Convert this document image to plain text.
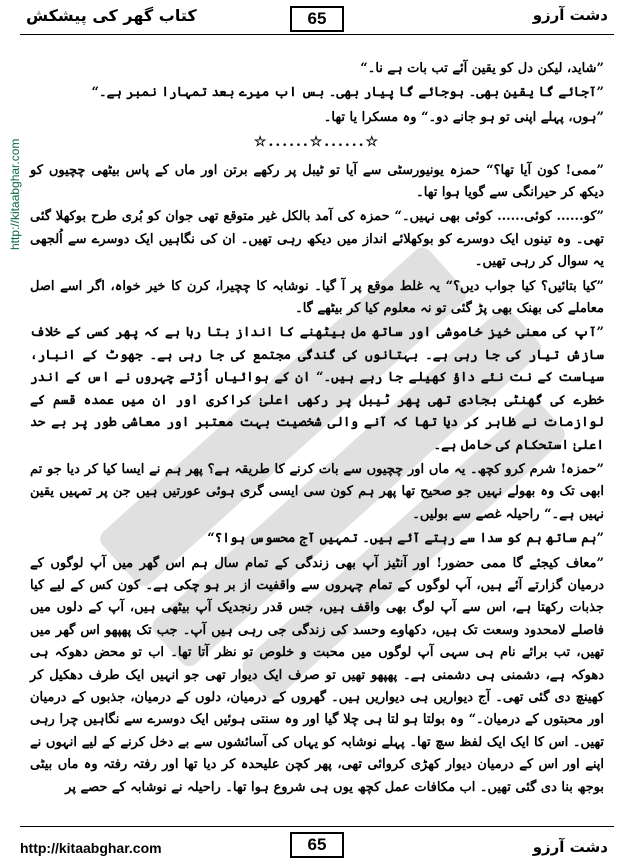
کتاب گھر کی پیشکش	65	دشت آرزو
http://kitaabghar.com

”شاید، لیکن دل کو یقین آئے تب بات ہے نا۔“

”آجائے گا یقین بھی۔ ہوجائے گا پیار بھی۔ بس اب میرے بعد تمہارا نمبر ہے۔“

”ہوں، پہلے اپنی تو ہو جانے دو۔“ وہ مسکرا یا تھا۔

☆......☆......☆

”ممی! کون آیا تھا؟“ حمزہ یونیورسٹی سے آیا تو ٹیبل پر رکھے برتن اور ماں کے پاس بیٹھی چچیوں کو دیکھ کر حیرانگی سے گویا ہوا تھا۔

”کو...... کوئی...... کوئی بھی نہیں۔“ حمزہ کی آمد بالکل غیر متوقع تھی جوان کو بُری طرح بوکھلا گئی تھی۔ وہ تینوں ایک دوسرے کو بوکھلائے انداز میں دیکھ رہی تھیں۔ ان کی نگاہیں ایک دوسرے سے اُلجھی یہ سوال کر رہی تھیں۔

”کیا بتائیں؟ کیا جواب دیں؟“ یہ غلط موقع پر آ گیا۔ نوشابہ کا چچیرا، کرن کا خیر خواہ، اگر اسے اصل معاملے کی بھنک بھی پڑ گئی تو نہ معلوم کیا کر بیٹھے گا۔

”آپ کی معنی خیز خاموشی اور ساتھ مل بیٹھنے کا انداز بتا رہا ہے کہ پھر کسی کے خلاف سازش تیار کی جا رہی ہے۔ بہتانوں کی گندگی مجتمع کی جا رہی ہے۔ جھوٹ کے انبار، سیاست کے نت نئے داؤ کھیلے جا رہے ہیں۔“ ان کے ہوائیاں اُڑتے چہروں نے اس کے اندر خطرے کی گھنٹی بجادی تھی پھر ٹیبل پر رکھی اعلیٰ کراکری اور ان میں عمدہ قسم کے لوازمات نے ظاہر کر دیا تھا کہ آنے والی شخصیت بہت معتبر اور معاشی طور پر بے حد اعلیٰ استحکام کی حامل ہے۔

”حمزہ! شرم کرو کچھ۔ یہ ماں اور چچیوں سے بات کرنے کا طریقہ ہے؟ پھر ہم نے ایسا کیا کر دیا جو تم ابھی تک وہ بھولے نہیں جو صحیح تھا پھر ہم کون سی ایسی گری ہوئی عورتیں ہیں جن پر تمہیں یقین نہیں ہے۔“ راحیلہ غصے سے بولیں۔

”ہم ساتھ ہم کو سدا سے رہتے آئے ہیں۔ تمہیں آج محسوس ہوا؟“

”معاف کیجئے گا ممی حضور! اور آنٹیز آپ بھی زندگی کے تمام سال ہم اس گھر میں آپ لوگوں کے درمیان گزارتے آئے ہیں، آپ لوگوں کے تمام چہروں سے واقفیت از بر ہو چکی ہے۔ کون کس کے لیے کیا جذبات رکھتا ہے، اس سے آپ لوگ بھی واقف ہیں، جس قدر رنجدیک آپ بیٹھی ہیں، آپ کے دلوں میں فاصلے لامحدود وسعت تک ہیں، دکھاوے وحسد کی زندگی جی رہی ہیں آپ۔ جب تک پھپھو اس گھر میں تھیں، تب برائے نام ہی سہی آپ لوگوں میں محبت و خلوص تو نظر آتا تھا۔ اب تو محض دھوکہ ہی دھوکہ ہے، دشمنی ہی دشمنی ہے۔ پھپھو تھیں تو صرف ایک دیوار تھی جو انہیں ایک طرف دھکیل کر کھینچ دی گئی تھی۔ آج دیواریں ہی دیواریں ہیں۔ گھروں کے درمیان، دلوں کے درمیان، جذبوں کے درمیان اور محبتوں کے درمیان۔“ وہ بولتا ہو لتا ہی چلا گیا اور وہ سنتی ہوئیں ایک دوسرے سے نگاہیں چرا رہی تھیں۔ اس کا ایک ایک لفظ سچ تھا۔ پہلے نوشابہ کو یہاں کی آسائشوں سے بے دخل کرنے کے لیے انہوں نے اپنے اور اس کے درمیان دیوار کھڑی کروائی تھی، پھر کچن علیحدہ کر دیا تھا اور رفتہ رفتہ وہ ماں بیٹی بوجھ بنا دی گئی تھیں۔ اب مکافات عمل کچھ یوں ہی شروع ہوا تھا۔ راحیلہ نے نوشابہ کے حصے پر

http://kitaabghar.com	65	دشت آرزو
